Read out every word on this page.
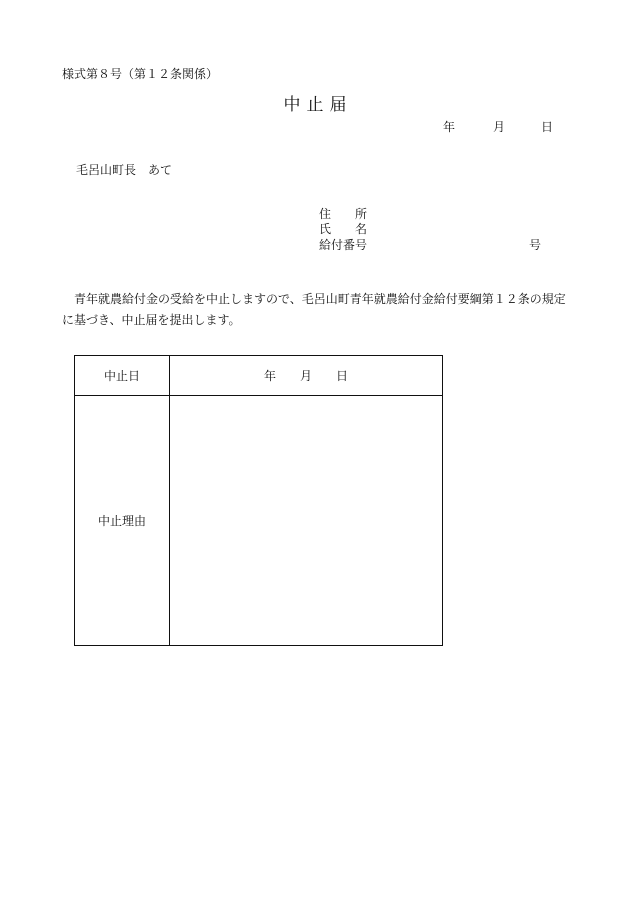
様式第８号（第１２条関係）
中止届
年	月	日
毛呂山町長　あて
住　　所
氏　　名
給付番号	号
青年就農給付金の受給を中止しますので、毛呂山町青年就農給付金給付要綱第１２条の規定に基づき、中止届を提出します。
中止日	年 月 日
中止理由	
